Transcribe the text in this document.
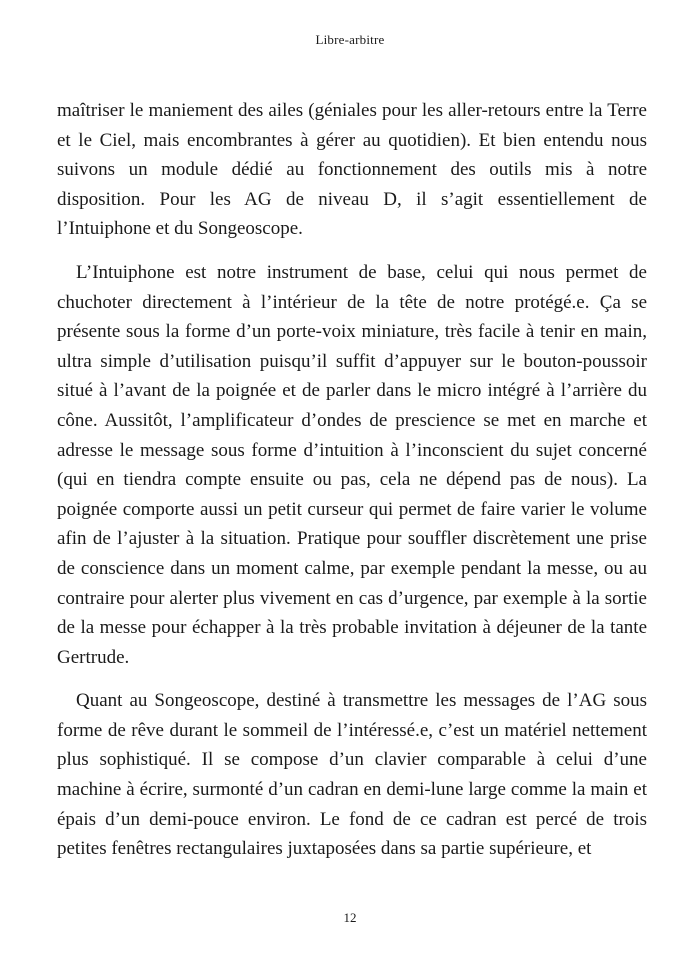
Libre-arbitre

maîtriser le maniement des ailes (géniales pour les aller-retours entre la Terre et le Ciel, mais encombrantes à gérer au quotidien). Et bien entendu nous suivons un module dédié au fonctionnement des outils mis à notre disposition. Pour les AG de niveau D, il s’agit essentiellement de l’Intuiphone et du Songeoscope.

L’Intuiphone est notre instrument de base, celui qui nous permet de chuchoter directement à l’intérieur de la tête de notre protégé.e. Ça se présente sous la forme d’un porte-voix miniature, très facile à tenir en main, ultra simple d’utilisation puisqu’il suffit d’appuyer sur le bouton-poussoir situé à l’avant de la poignée et de parler dans le micro intégré à l’arrière du cône. Aussitôt, l’amplificateur d’ondes de prescience se met en marche et adresse le message sous forme d’intuition à l’inconscient du sujet concerné (qui en tiendra compte ensuite ou pas, cela ne dépend pas de nous). La poignée comporte aussi un petit curseur qui permet de faire varier le volume afin de l’ajuster à la situation. Pratique pour souffler discrètement une prise de conscience dans un moment calme, par exemple pendant la messe, ou au contraire pour alerter plus vivement en cas d’urgence, par exemple à la sortie de la messe pour échapper à la très probable invitation à déjeuner de la tante Gertrude.

Quant au Songeoscope, destiné à transmettre les messages de l’AG sous forme de rêve durant le sommeil de l’intéressé.e, c’est un matériel nettement plus sophistiqué. Il se compose d’un clavier comparable à celui d’une machine à écrire, surmonté d’un cadran en demi-lune large comme la main et épais d’un demi-pouce environ. Le fond de ce cadran est percé de trois petites fenêtres rectangulaires juxtaposées dans sa partie supérieure, et

12
